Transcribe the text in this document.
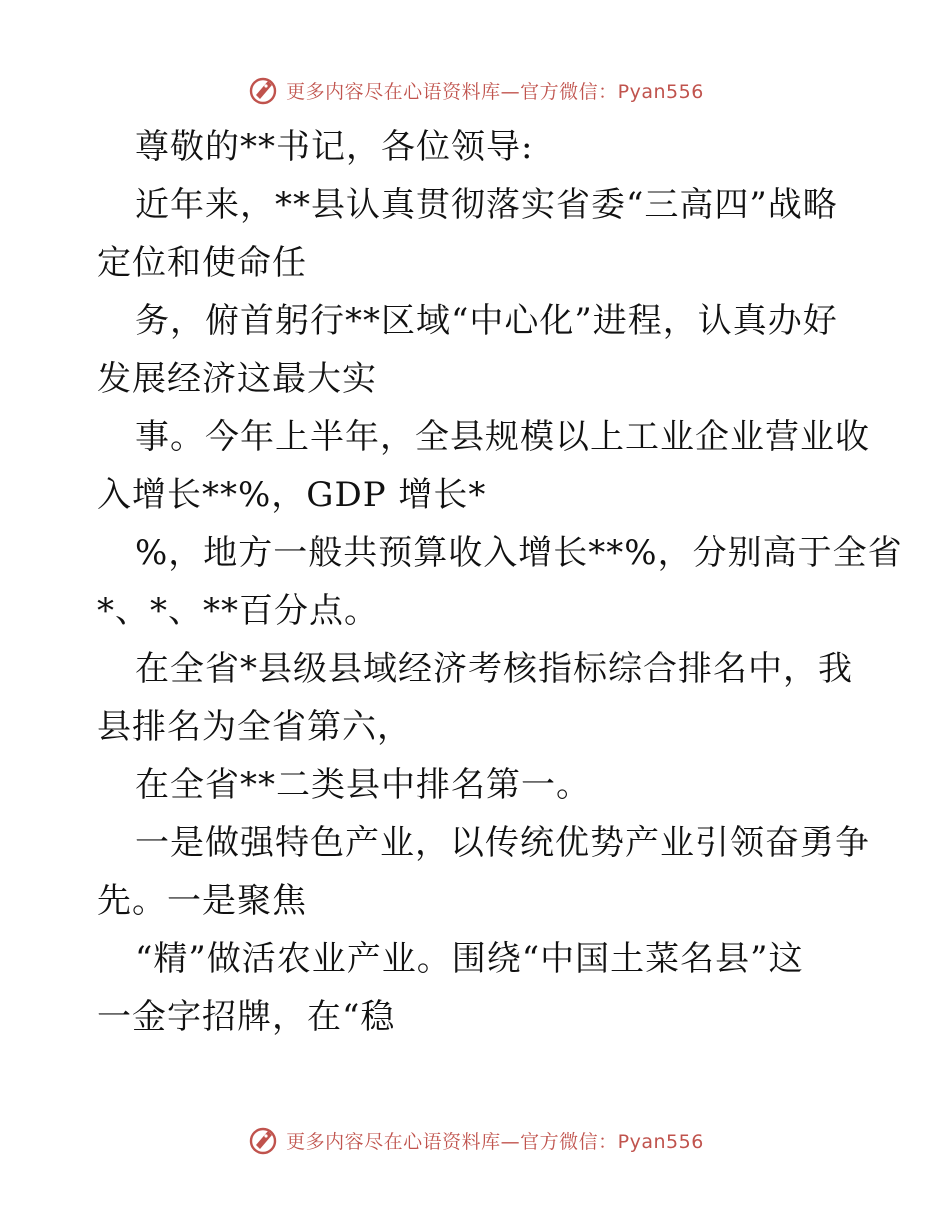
更多内容尽在心语资料库—官方微信：Pyan556
尊敬的**书记，各位领导:
近年来，**县认真贯彻落实省委“三高四”战略
定位和使命任
务，俯首躬行**区域“中心化”进程，认真办好
发展经济这最大实
事。今年上半年，全县规模以上工业企业营业收
入增长**%，GDP 增长*
%，地方一般共预算收入增长**%，分别高于全省
*、*、**百分点。
在全省*县级县域经济考核指标综合排名中，我
县排名为全省第六，
在全省**二类县中排名第一。
一是做强特色产业，以传统优势产业引领奋勇争
先。一是聚焦
“精”做活农业产业。围绕“中国土菜名县”这
一金字招牌，在“稳
更多内容尽在心语资料库—官方微信：Pyan556
